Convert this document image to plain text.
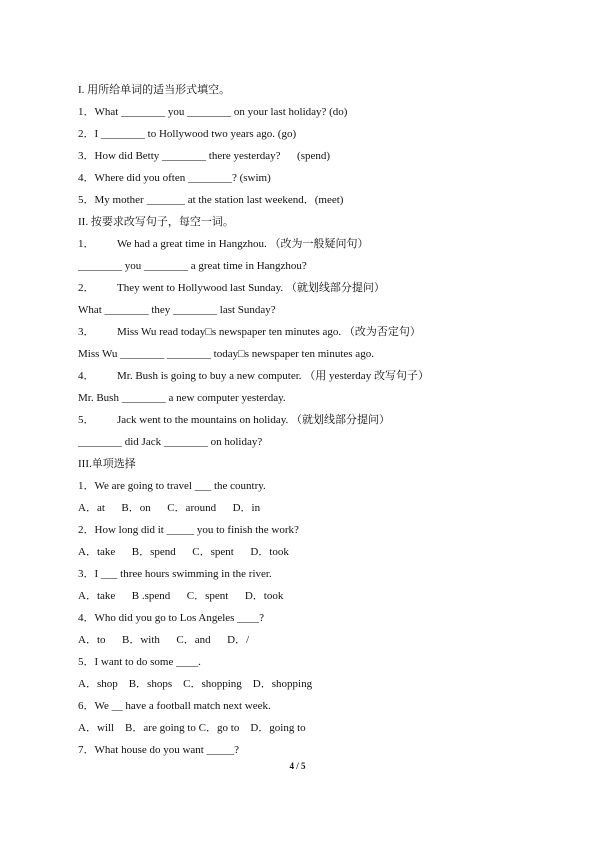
I. 用所给单词的适当形式填空。
1．What ________ you ________ on your last holiday? (do)
2．I ________ to Hollywood two years ago. (go)
3．How did Betty ________ there yesterday?      (spend)
4．Where did you often ________? (swim)
5．My mother _______ at the station last weekend．(meet)
II. 按要求改写句子，每空一词。
1． We had a great time in Hangzhou. （改为一般疑问句）
________ you ________ a great time in Hangzhou?
2． They went to Hollywood last Sunday. （就划线部分提问）
What ________ they ________ last Sunday?
3． Miss Wu read today□s newspaper ten minutes ago. （改为否定句）
Miss Wu ________ ________ today□s newspaper ten minutes ago.
4． Mr. Bush is going to buy a new computer. （用 yesterday 改写句子）
Mr. Bush ________ a new computer yesterday.
5． Jack went to the mountains on holiday. （就划线部分提问）
________ did Jack ________ on holiday?
III.单项选择
1．We are going to travel ___ the country.
A．at      B．on      C．around      D．in
2．How long did it _____ you to finish the work?
A．take      B．spend      C．spent      D．took
3．I ___ three hours swimming in the river.
A．take      B .spend      C．spent      D．took
4．Who did you go to Los Angeles ____?
A．to      B．with      C．and      D．/
5．I want to do some ____.
A．shop    B．shops    C．shopping    D．shopping
6．We __ have a football match next week.
A．will    B．are going to C．go to    D．going to
7．What house do you want _____?
4 / 5
